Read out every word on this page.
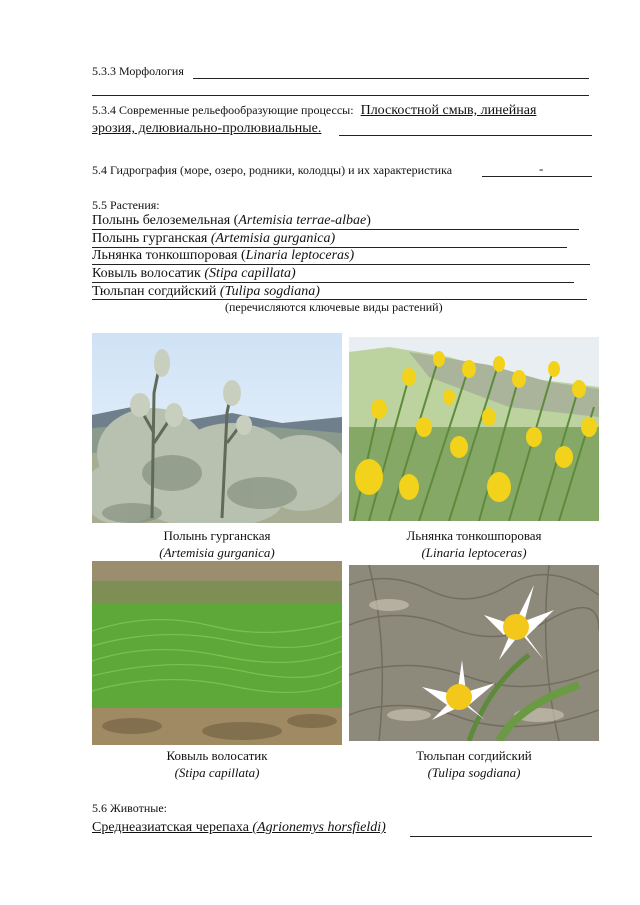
5.3.3 Морфология
5.3.4 Современные рельефообразующие процессы: Плоскостной смыв, линейная
эрозия, делювиально-пролювиальные.
5.4 Гидрография (море, озеро, родники, колодцы) и их характеристика	-
5.5 Растения:
Полынь белоземельная (Artemisia terrae-albae)
Полынь гурганская (Artemisia gurganica)
Льнянка тонкошпоровая (Linaria leptoceras)
Ковыль волосатик (Stipa capillata)
Тюльпан согдийский (Tulipa sogdiana)
(перечисляются ключевые виды растений)
Полынь гурганская
(Artemisia gurganica)
Льнянка тонкошпоровая
(Linaria leptoceras)
Ковыль волосатик
(Stipa capillata)
Тюльпан согдийский
(Tulipa sogdiana)
5.6 Животные:
Среднеазиатская черепаха (Agrionemys horsfieldi)
